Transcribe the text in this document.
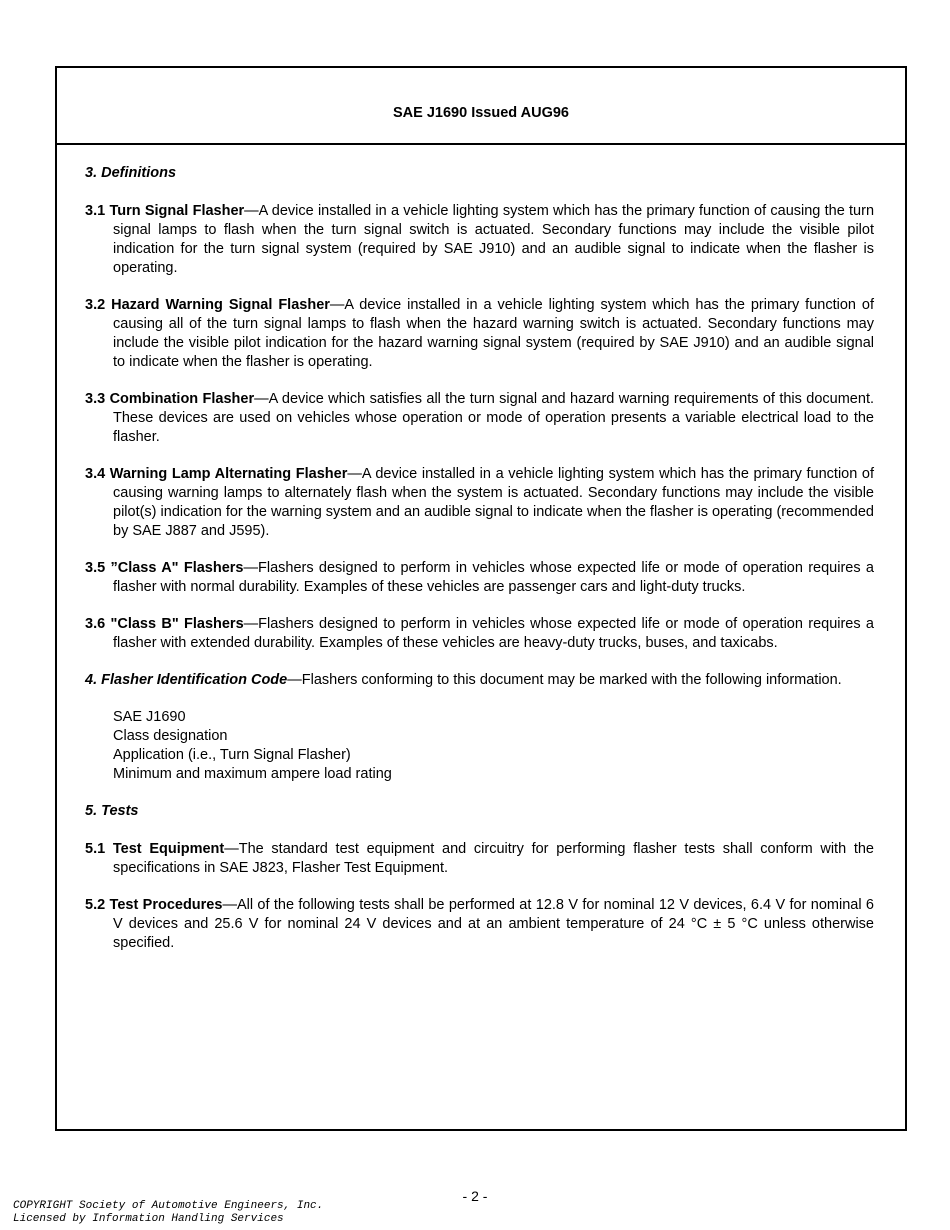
SAE J1690 Issued AUG96
3. Definitions

3.1 Turn Signal Flasher—A device installed in a vehicle lighting system which has the primary function of causing the turn signal lamps to flash when the turn signal switch is actuated. Secondary functions may include the visible pilot indication for the turn signal system (required by SAE J910) and an audible signal to indicate when the flasher is operating.

3.2 Hazard Warning Signal Flasher—A device installed in a vehicle lighting system which has the primary function of causing all of the turn signal lamps to flash when the hazard warning switch is actuated. Secondary functions may include the visible pilot indication for the hazard warning signal system (required by SAE J910) and an audible signal to indicate when the flasher is operating.

3.3 Combination Flasher—A device which satisfies all the turn signal and hazard warning requirements of this document. These devices are used on vehicles whose operation or mode of operation presents a variable electrical load to the flasher.

3.4 Warning Lamp Alternating Flasher—A device installed in a vehicle lighting system which has the primary function of causing warning lamps to alternately flash when the system is actuated. Secondary functions may include the visible pilot(s) indication for the warning system and an audible signal to indicate when the flasher is operating (recommended by SAE J887 and J595).

3.5 ”Class A" Flashers—Flashers designed to perform in vehicles whose expected life or mode of operation requires a flasher with normal durability. Examples of these vehicles are passenger cars and light-duty trucks.

3.6 "Class B" Flashers—Flashers designed to perform in vehicles whose expected life or mode of operation requires a flasher with extended durability. Examples of these vehicles are heavy-duty trucks, buses, and taxicabs.

4. Flasher Identification Code—Flashers conforming to this document may be marked with the following information.

SAE J1690
Class designation
Application (i.e., Turn Signal Flasher)
Minimum and maximum ampere load rating
5. Tests

5.1 Test Equipment—The standard test equipment and circuitry for performing flasher tests shall conform with the specifications in SAE J823, Flasher Test Equipment.

5.2 Test Procedures—All of the following tests shall be performed at 12.8 V for nominal 12 V devices, 6.4 V for nominal 6 V devices and 25.6 V for nominal 24 V devices and at an ambient temperature of 24 °C ± 5 °C unless otherwise specified.

- 2 -
COPYRIGHT Society of Automotive Engineers, Inc.
Licensed by Information Handling Services
